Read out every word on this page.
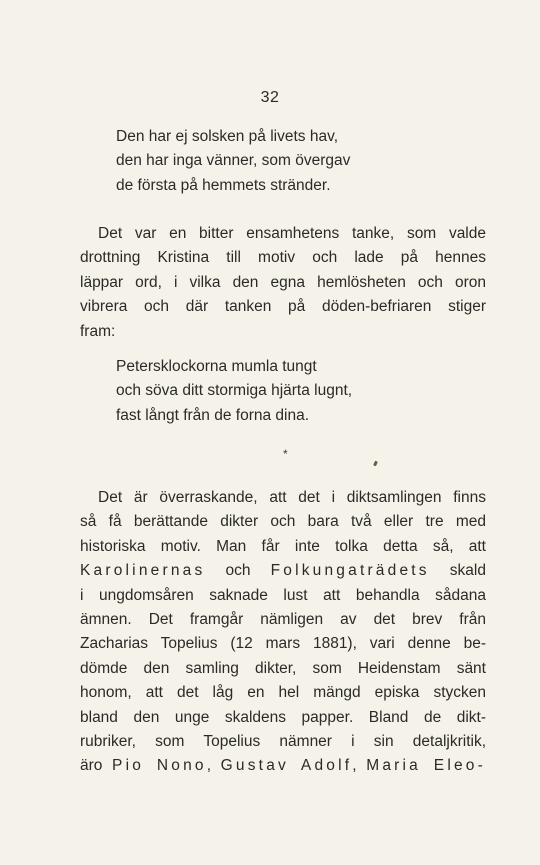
32
Den har ej solsken på livets hav,
den har inga vänner, som övergav
de första på hemmets stränder.
Det var en bitter ensamhetens tanke, som valde
drottning Kristina till motiv och lade på hennes
läppar ord, i vilka den egna hemlösheten och oron
vibrera och där tanken på döden-befriaren stiger
fram:
Petersklockorna mumla tungt
och söva ditt stormiga hjärta lugnt,
fast långt från de forna dina.
*
Det är överraskande, att det i diktsamlingen finns
så få berättande dikter och bara två eller tre med
historiska motiv. Man får inte tolka detta så, att
Karolinernas och Folkungaträdets skald
i ungdomsåren saknade lust att behandla sådana
ämnen. Det framgår nämligen av det brev från
Zacharias Topelius (12 mars 1881), vari denne be-
dömde den samling dikter, som Heidenstam sänt
honom, att det låg en hel mängd episka stycken
bland den unge skaldens papper. Bland de dikt-
rubriker, som Topelius nämner i sin detaljkritik,
äro Pio Nono, Gustav Adolf, Maria Eleo-
